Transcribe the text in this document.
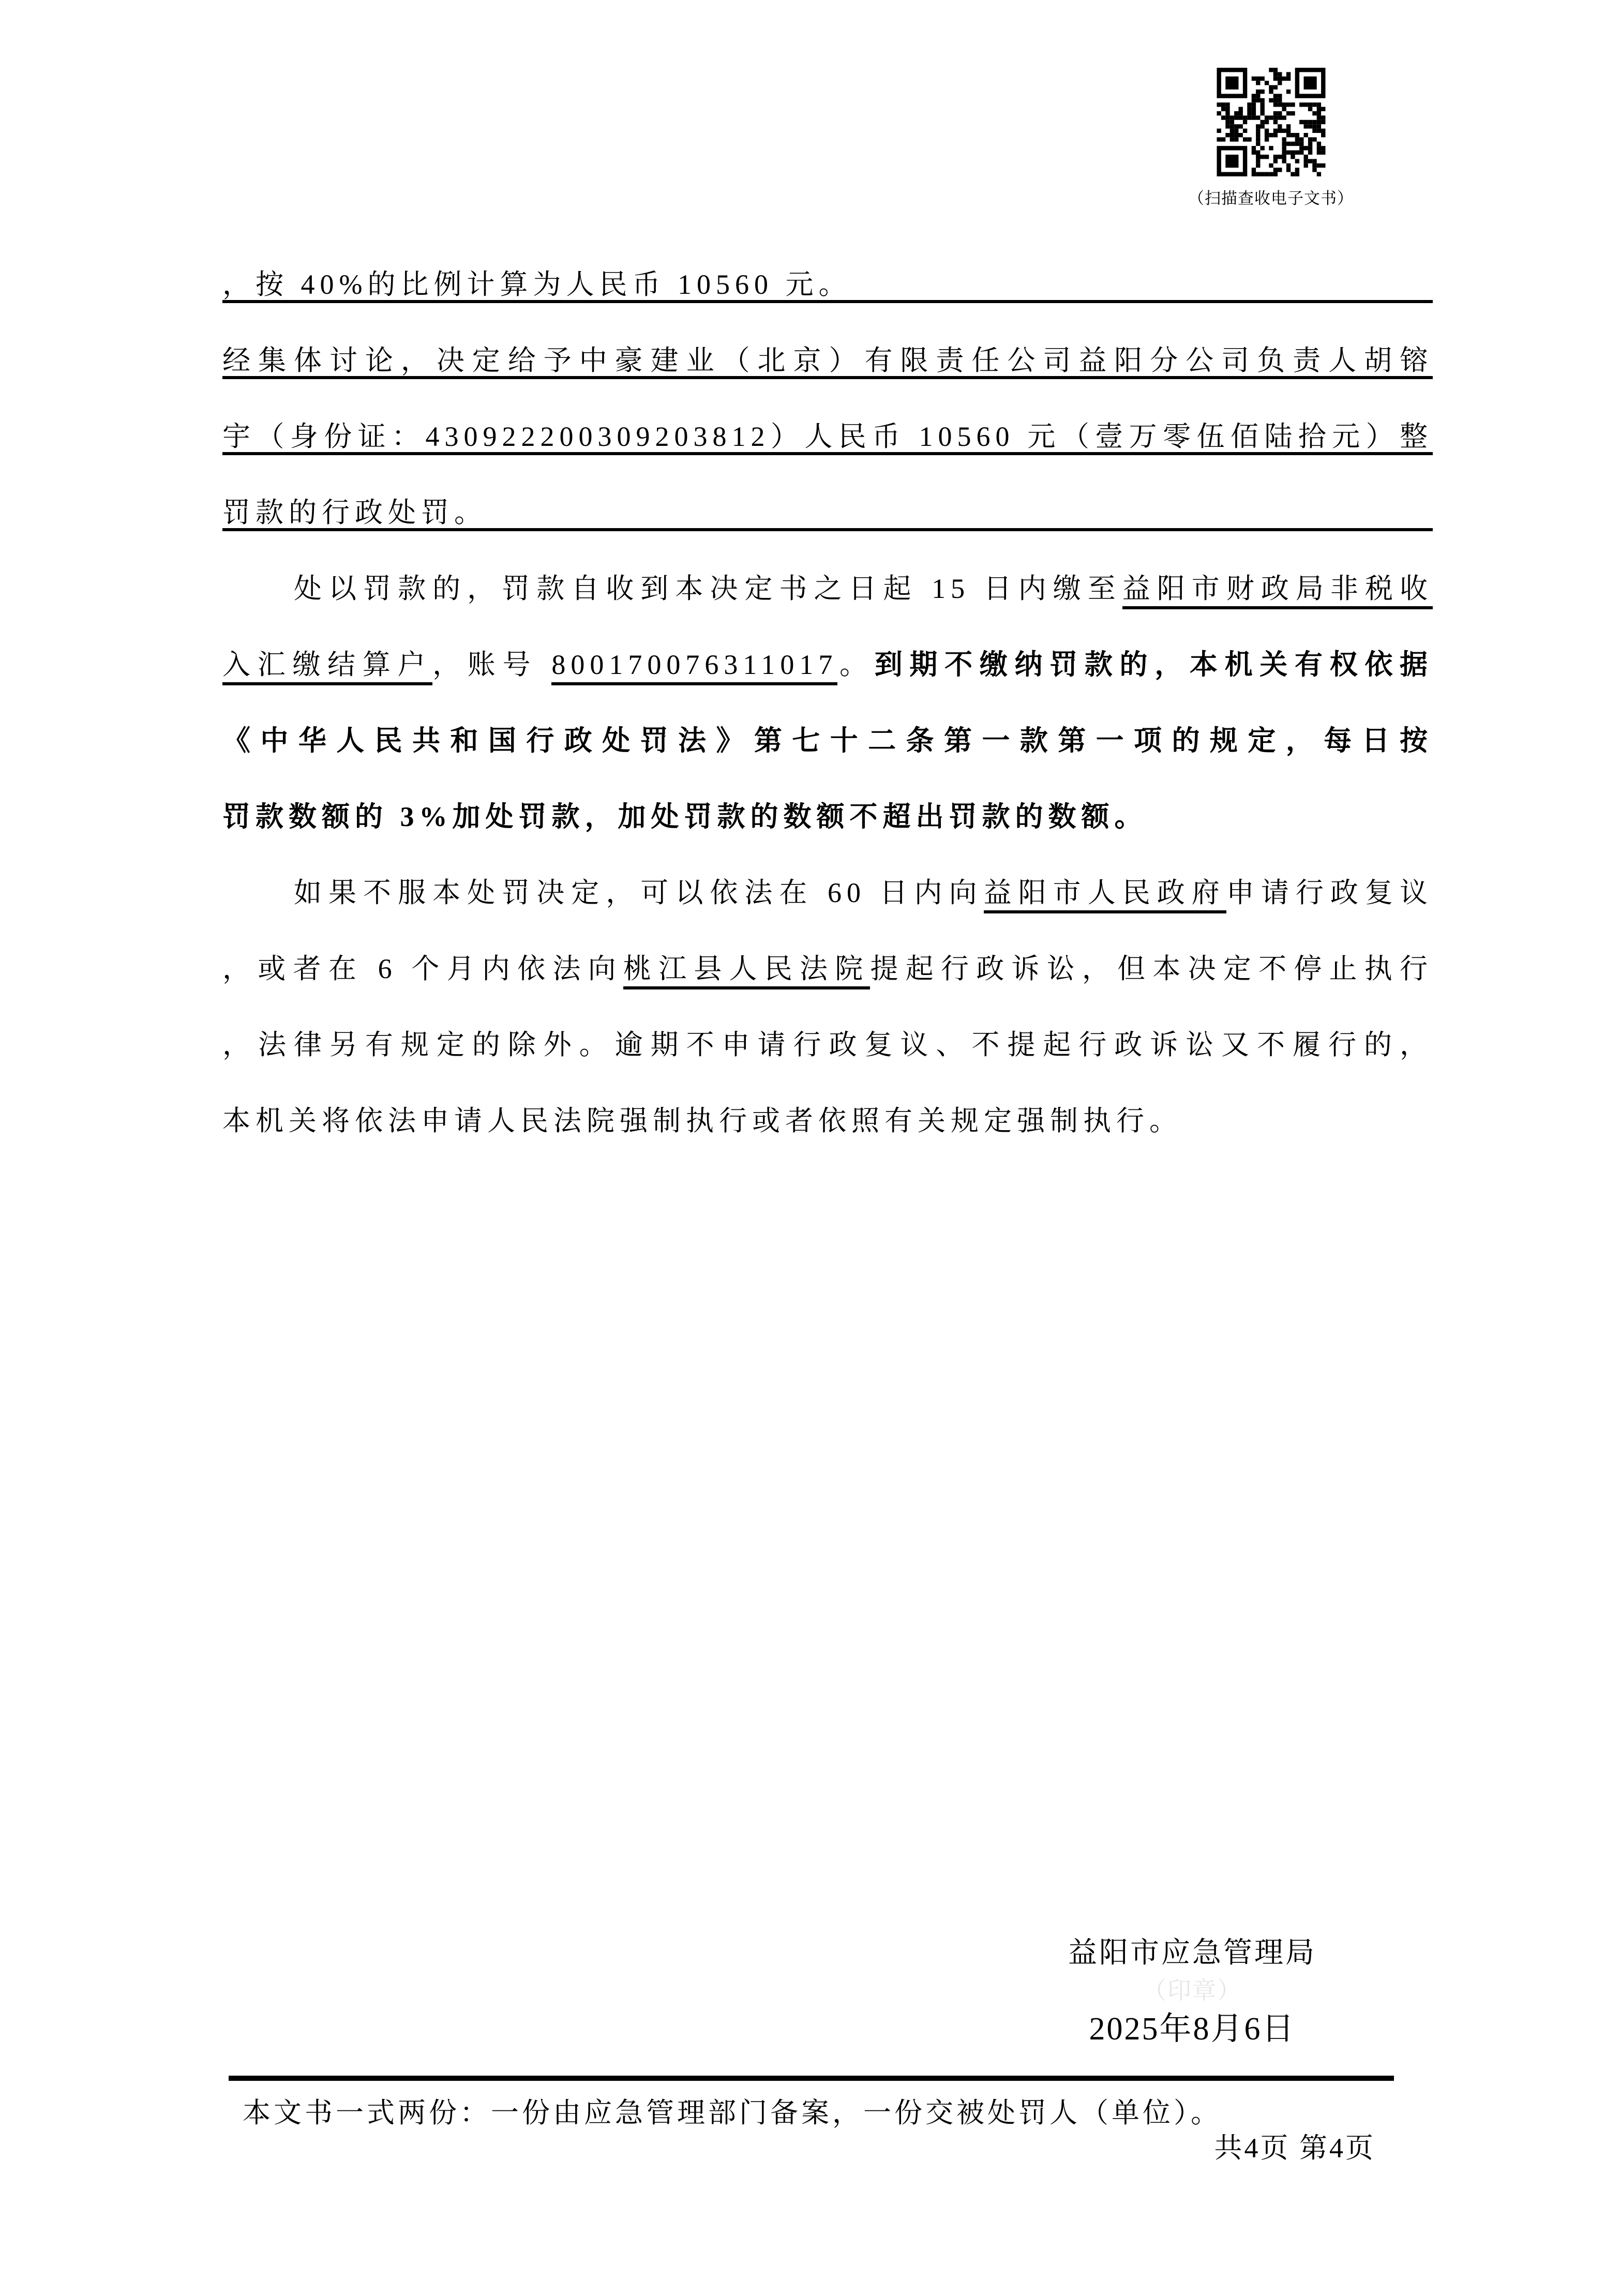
（扫描查收电子文书）
，按 40%的比例计算为人民币 10560 元。
经集体讨论，决定给予中豪建业（北京）有限责任公司益阳分公司负责人胡镕
宇（身份证：430922200309203812）人民币 10560 元（壹万零伍佰陆拾元）整
罚款的行政处罚。
处以罚款的，罚款自收到本决定书之日起 15 日内缴至益阳市财政局非税收
入汇缴结算户，账号 800170076311017。到期不缴纳罚款的，本机关有权依据
《中华人民共和国行政处罚法》第七十二条第一款第一项的规定，每日按
罚款数额的 3%加处罚款，加处罚款的数额不超出罚款的数额。
如果不服本处罚决定，可以依法在 60 日内向益阳市人民政府申请行政复议
，或者在 6 个月内依法向桃江县人民法院提起行政诉讼，但本决定不停止执行
，法律另有规定的除外。逾期不申请行政复议、不提起行政诉讼又不履行的，
本机关将依法申请人民法院强制执行或者依照有关规定强制执行。
益阳市应急管理局
（印章）
2025年8月6日
本文书一式两份：一份由应急管理部门备案，一份交被处罚人（单位）。
共4页 第4页
